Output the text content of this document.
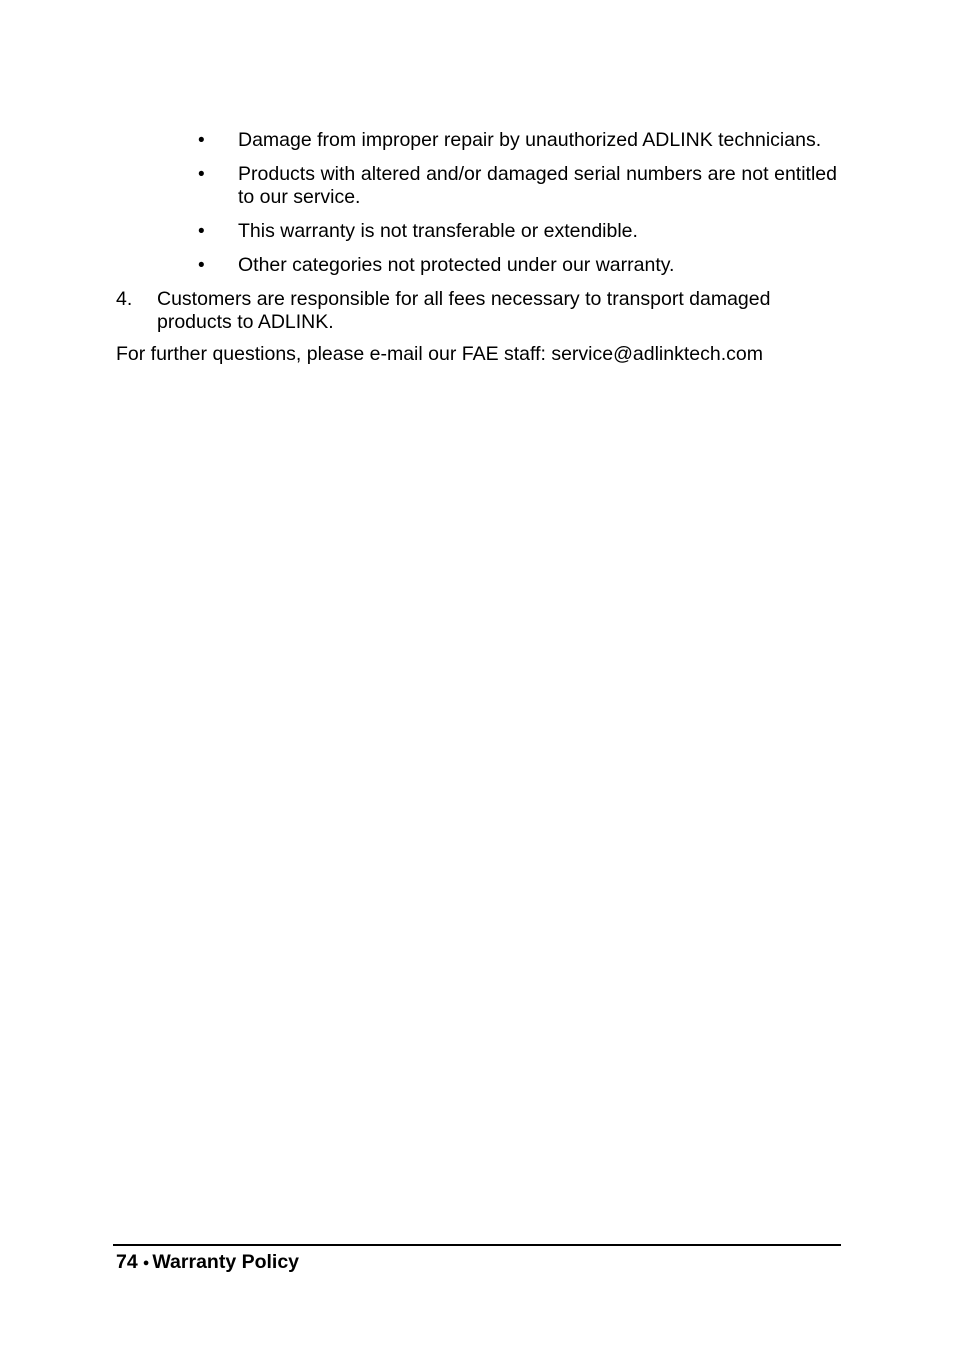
• Damage from improper repair by unauthorized ADLINK technicians.
• Products with altered and/or damaged serial numbers are not entitled to our service.
• This warranty is not transferable or extendible.
• Other categories not protected under our warranty.
4. Customers are responsible for all fees necessary to transport damaged products to ADLINK.

For further questions, please e-mail our FAE staff: service@adlinktech.com

74 ● Warranty Policy
